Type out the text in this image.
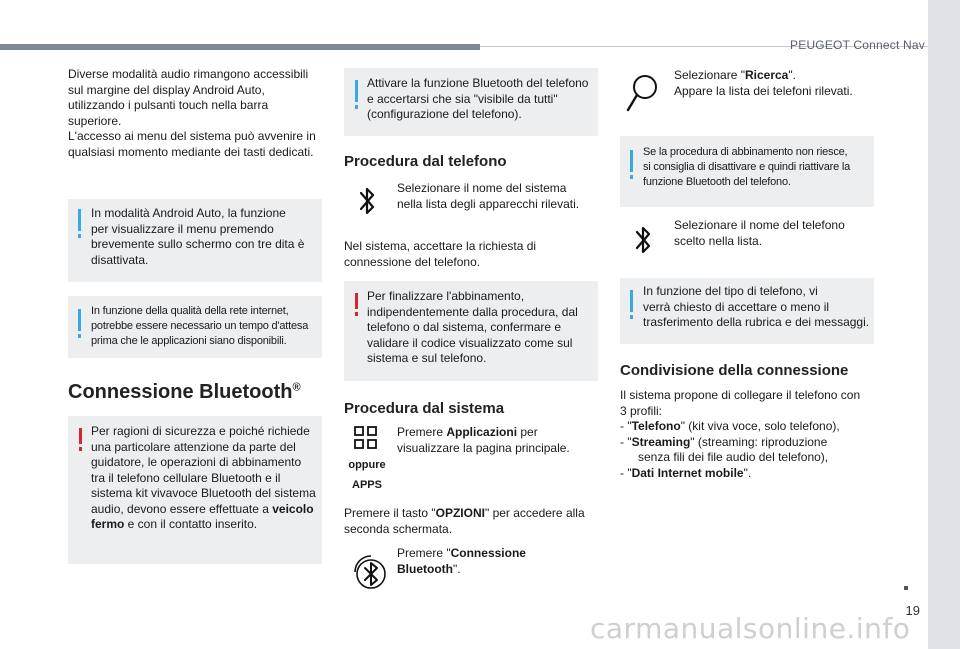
PEUGEOT Connect Nav
19
carmanualsonline.info
Diverse modalità audio rimangono accessibili
sul margine del display Android Auto,
utilizzando i pulsanti touch nella barra
superiore.
L'accesso ai menu del sistema può avvenire in
qualsiasi momento mediante dei tasti dedicati.
In modalità Android Auto, la funzione
per visualizzare il menu premendo
brevemente sullo schermo con tre dita è
disattivata.
In funzione della qualità della rete internet,
potrebbe essere necessario un tempo d'attesa
prima che le applicazioni siano disponibili.
Connessione Bluetooth®
Per ragioni di sicurezza e poiché richiede
una particolare attenzione da parte del
guidatore, le operazioni di abbinamento
tra il telefono cellulare Bluetooth e il
sistema kit vivavoce Bluetooth del sistema
audio, devono essere effettuate a veicolo
fermo e con il contatto inserito.
Attivare la funzione Bluetooth del telefono
e accertarsi che sia "visibile da tutti"
(configurazione del telefono).
Procedura dal telefono
Selezionare il nome del sistema
nella lista degli apparecchi rilevati.
Nel sistema, accettare la richiesta di
connessione del telefono.
Per finalizzare l'abbinamento,
indipendentemente dalla procedura, dal
telefono o dal sistema, confermare e
validare il codice visualizzato come sul
sistema e sul telefono.
Procedura dal sistema
oppure
APPS
Premere Applicazioni per
visualizzare la pagina principale.
Premere il tasto "OPZIONI" per accedere alla
seconda schermata.
Premere "Connessione
Bluetooth".
Selezionare "Ricerca".
Appare la lista dei telefoni rilevati.
Se la procedura di abbinamento non riesce,
si consiglia di disattivare e quindi riattivare la
funzione Bluetooth del telefono.
Selezionare il nome del telefono
scelto nella lista.
In funzione del tipo di telefono, vi
verrà chiesto di accettare o meno il
trasferimento della rubrica e dei messaggi.
Condivisione della connessione
Il sistema propone di collegare il telefono con
3 profili:
- "Telefono" (kit viva voce, solo telefono),
- "Streaming" (streaming: riproduzione
senza fili dei file audio del telefono),
- "Dati Internet mobile".
